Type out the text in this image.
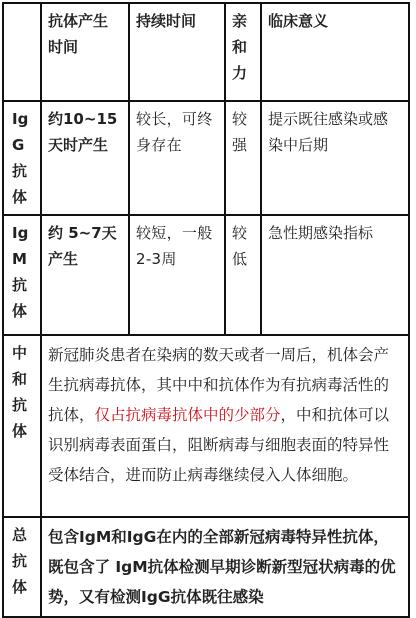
	抗体产生时间	持续时间	亲和力	临床意义
IgG抗体	约10~15天时产生	较长，可终身存在	较强	提示既往感染或感染中后期
IgM抗体	约 5~7天产生	较短，一般2-3周	较低	急性期感染指标
中和抗体	新冠肺炎患者在染病的数天或者一周后，机体会产生抗病毒抗体，其中中和抗体作为有抗病毒活性的抗体，仅占抗病毒抗体中的少部分，中和抗体可以识别病毒表面蛋白，阻断病毒与细胞表面的特异性受体结合，进而防止病毒继续侵入人体细胞。			
总抗体	包含IgM和IgG在内的全部新冠病毒特异性抗体，既包含了 IgM抗体检测早期诊断新型冠状病毒的优势，又有检测IgG抗体既往感染			
